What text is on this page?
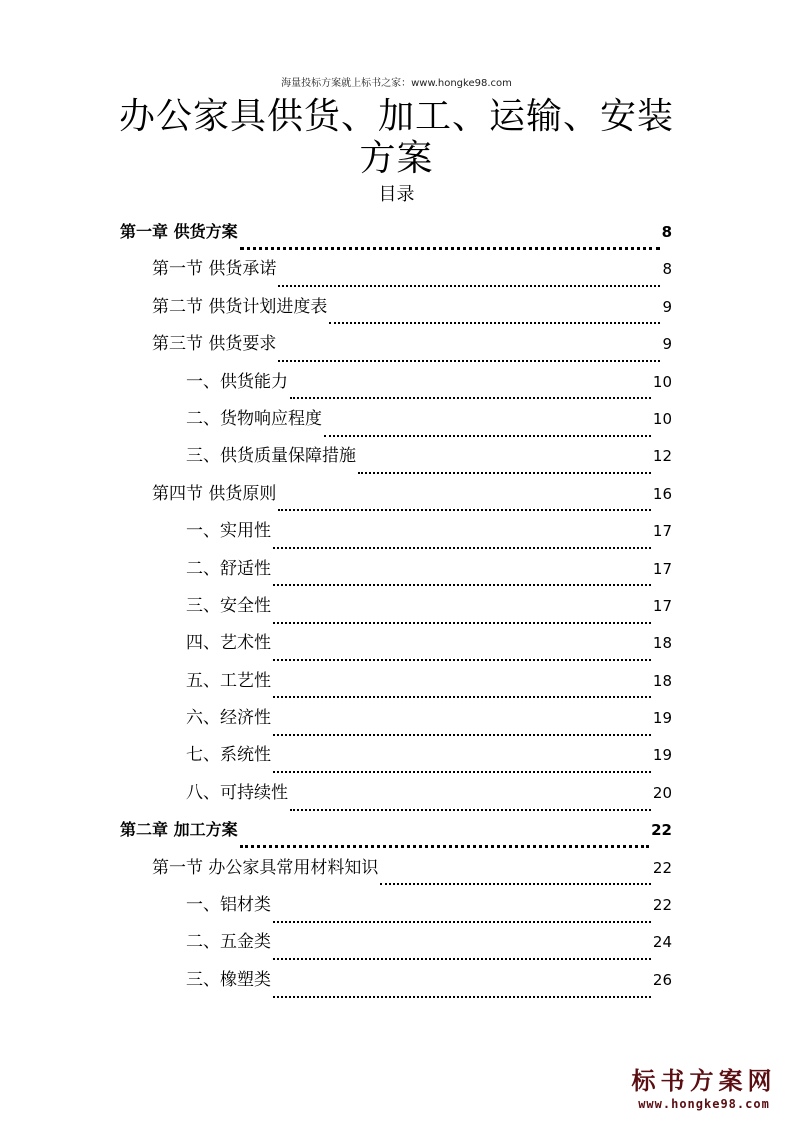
海量投标方案就上标书之家：www.hongke98.com
办公家具供货、加工、运输、安装方案
目录
第一章 供货方案	8
第一节 供货承诺	8
第二节 供货计划进度表	9
第三节 供货要求	9
一、供货能力	10
二、货物响应程度	10
三、供货质量保障措施	12
第四节 供货原则	16
一、实用性	17
二、舒适性	17
三、安全性	17
四、艺术性	18
五、工艺性	18
六、经济性	19
七、系统性	19
八、可持续性	20
第二章 加工方案	22
第一节 办公家具常用材料知识	22
一、铝材类	22
二、五金类	24
三、橡塑类	26
标书方案网
www.hongke98.com
